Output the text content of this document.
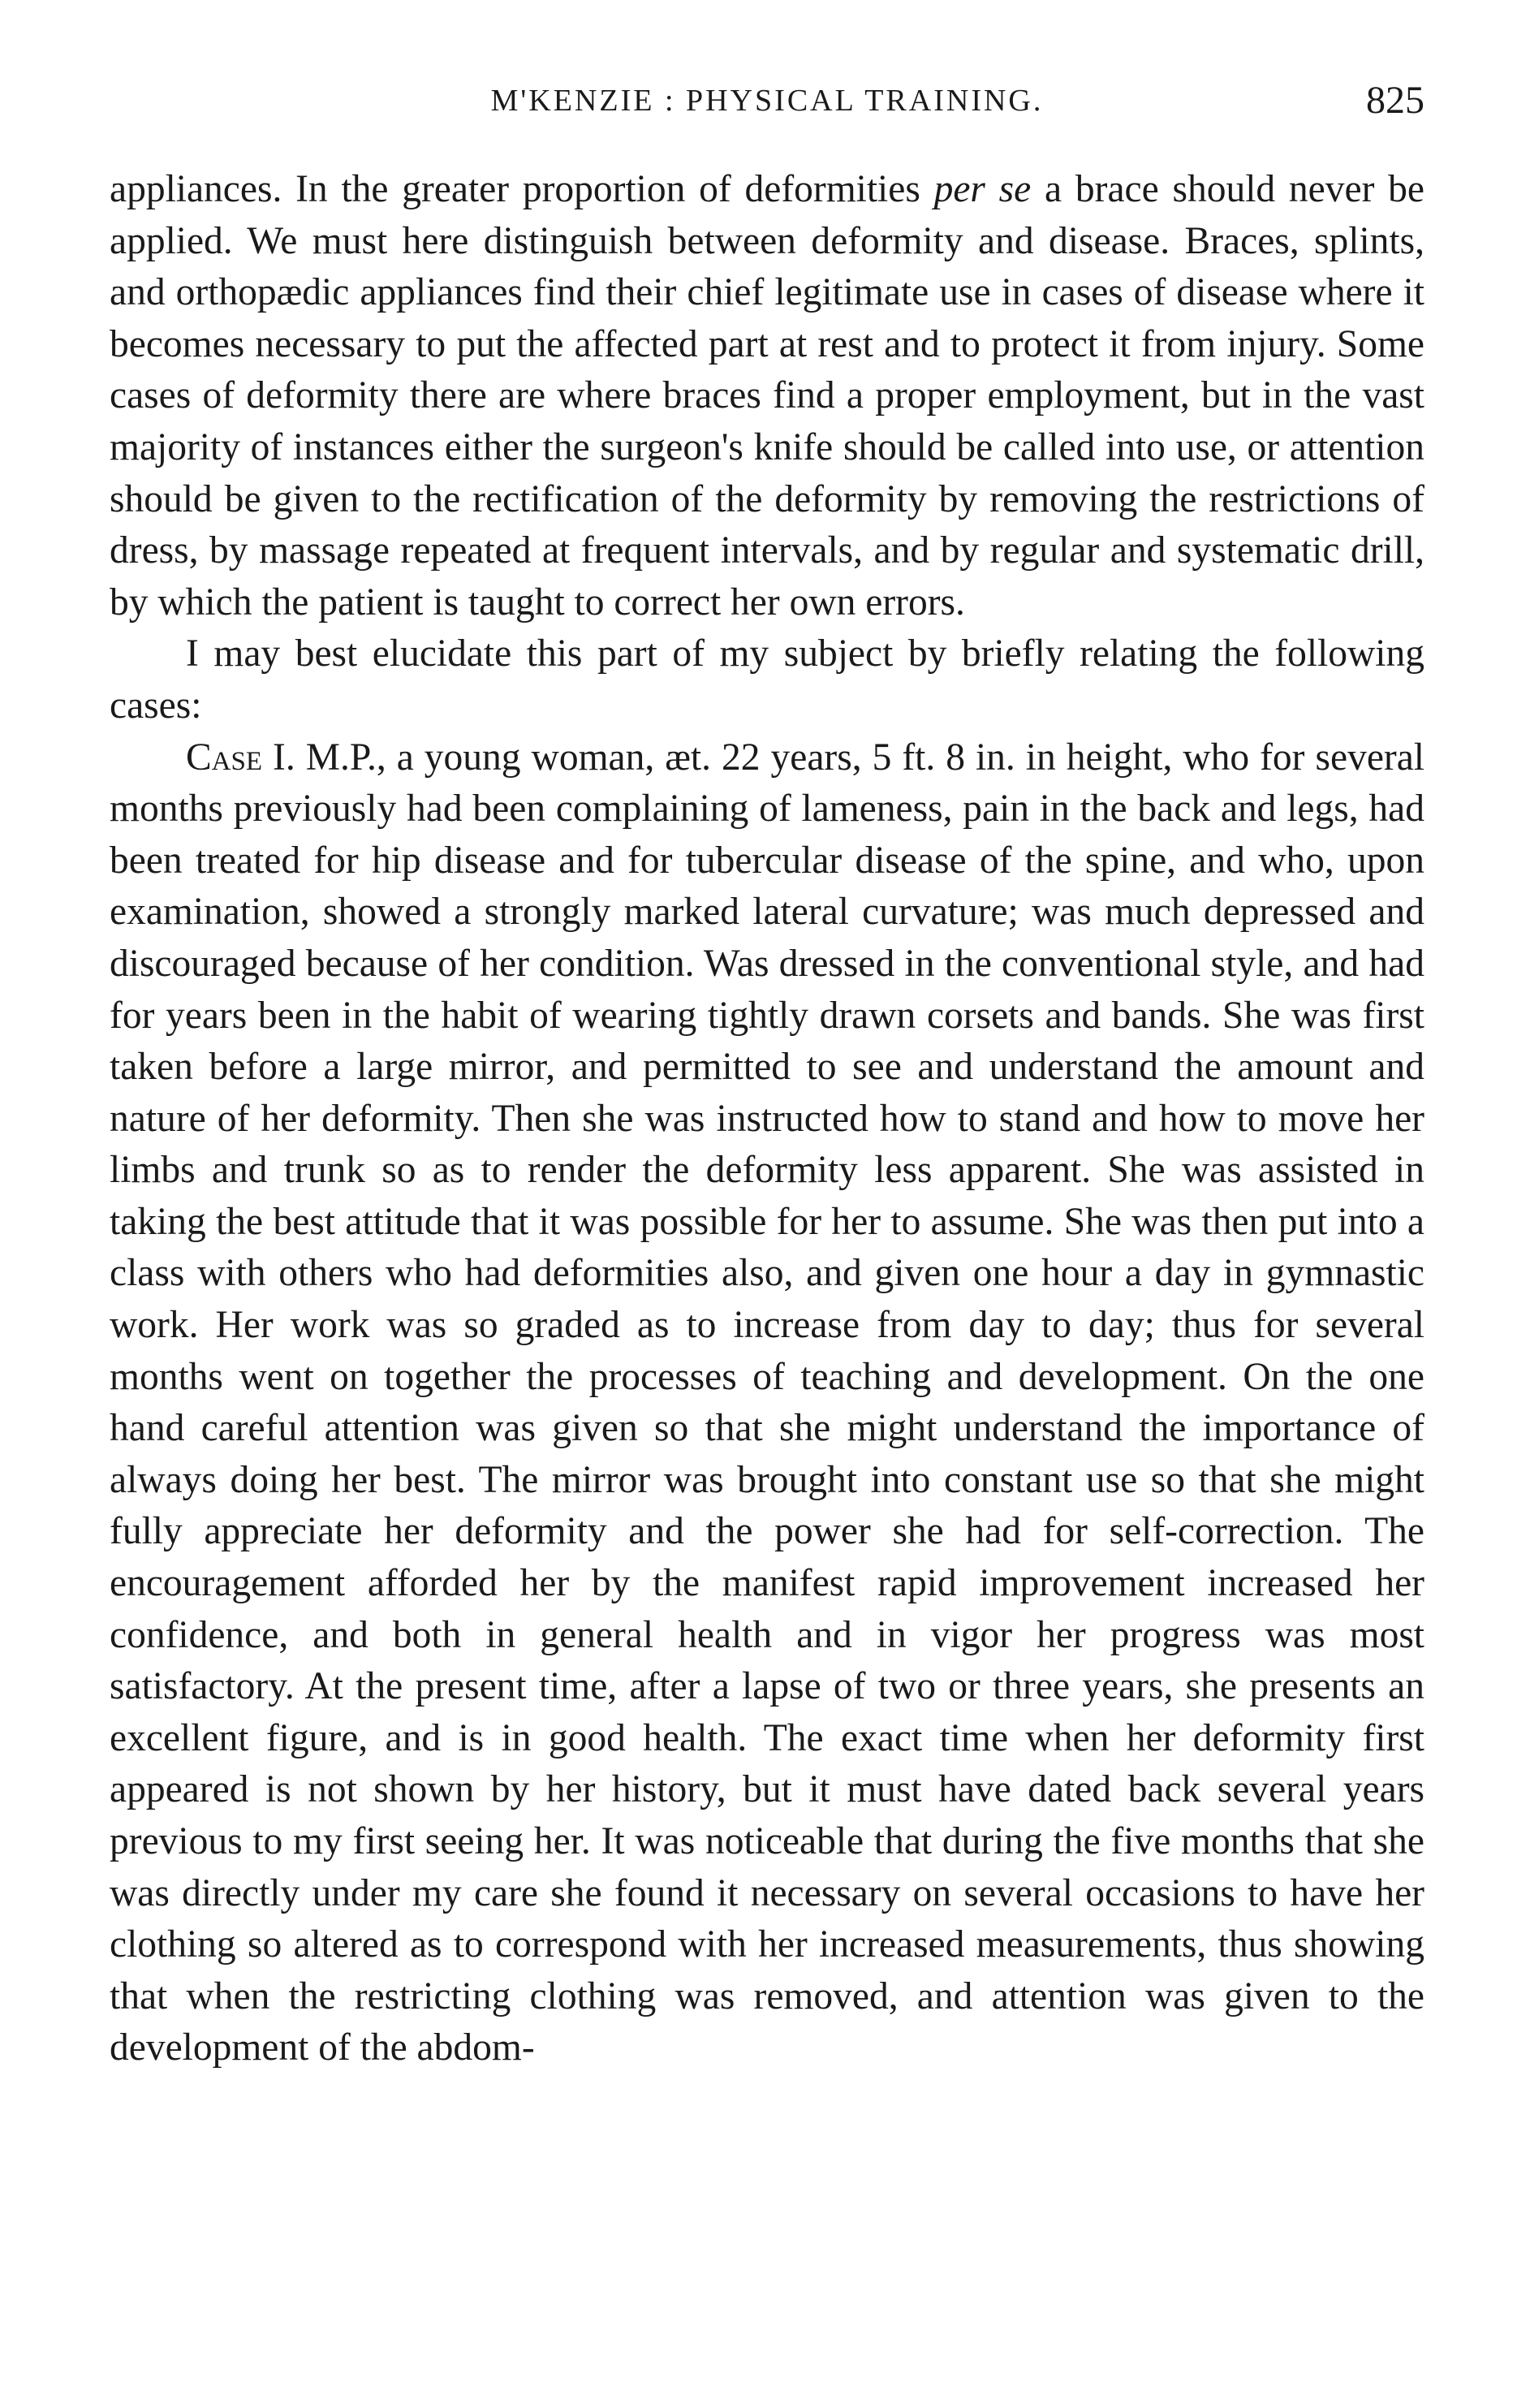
M'KENZIE : PHYSICAL TRAINING.	825

appliances. In the greater proportion of deformities per se a brace should never be applied. We must here distinguish between deformity and disease. Braces, splints, and orthopædic appliances find their chief legitimate use in cases of disease where it becomes necessary to put the affected part at rest and to protect it from injury. Some cases of deformity there are where braces find a proper employment, but in the vast majority of instances either the surgeon's knife should be called into use, or attention should be given to the rectification of the deformity by removing the restrictions of dress, by massage repeated at frequent intervals, and by regular and systematic drill, by which the patient is taught to correct her own errors.

I may best elucidate this part of my subject by briefly relating the following cases:

Case I. M.P., a young woman, æt. 22 years, 5 ft. 8 in. in height, who for several months previously had been complaining of lameness, pain in the back and legs, had been treated for hip disease and for tubercular disease of the spine, and who, upon examination, showed a strongly marked lateral curvature; was much depressed and discouraged because of her condition. Was dressed in the conventional style, and had for years been in the habit of wearing tightly drawn corsets and bands. She was first taken before a large mirror, and permitted to see and understand the amount and nature of her deformity. Then she was instructed how to stand and how to move her limbs and trunk so as to render the deformity less apparent. She was assisted in taking the best attitude that it was possible for her to assume. She was then put into a class with others who had deformities also, and given one hour a day in gymnastic work. Her work was so graded as to increase from day to day; thus for several months went on together the processes of teaching and development. On the one hand careful attention was given so that she might understand the importance of always doing her best. The mirror was brought into constant use so that she might fully appreciate her deformity and the power she had for self-correction. The encouragement afforded her by the manifest rapid improvement increased her confidence, and both in general health and in vigor her progress was most satisfactory. At the present time, after a lapse of two or three years, she presents an excellent figure, and is in good health. The exact time when her deformity first appeared is not shown by her history, but it must have dated back several years previous to my first seeing her. It was noticeable that during the five months that she was directly under my care she found it necessary on several occasions to have her clothing so altered as to correspond with her increased measurements, thus showing that when the restricting clothing was removed, and attention was given to the development of the abdom-
